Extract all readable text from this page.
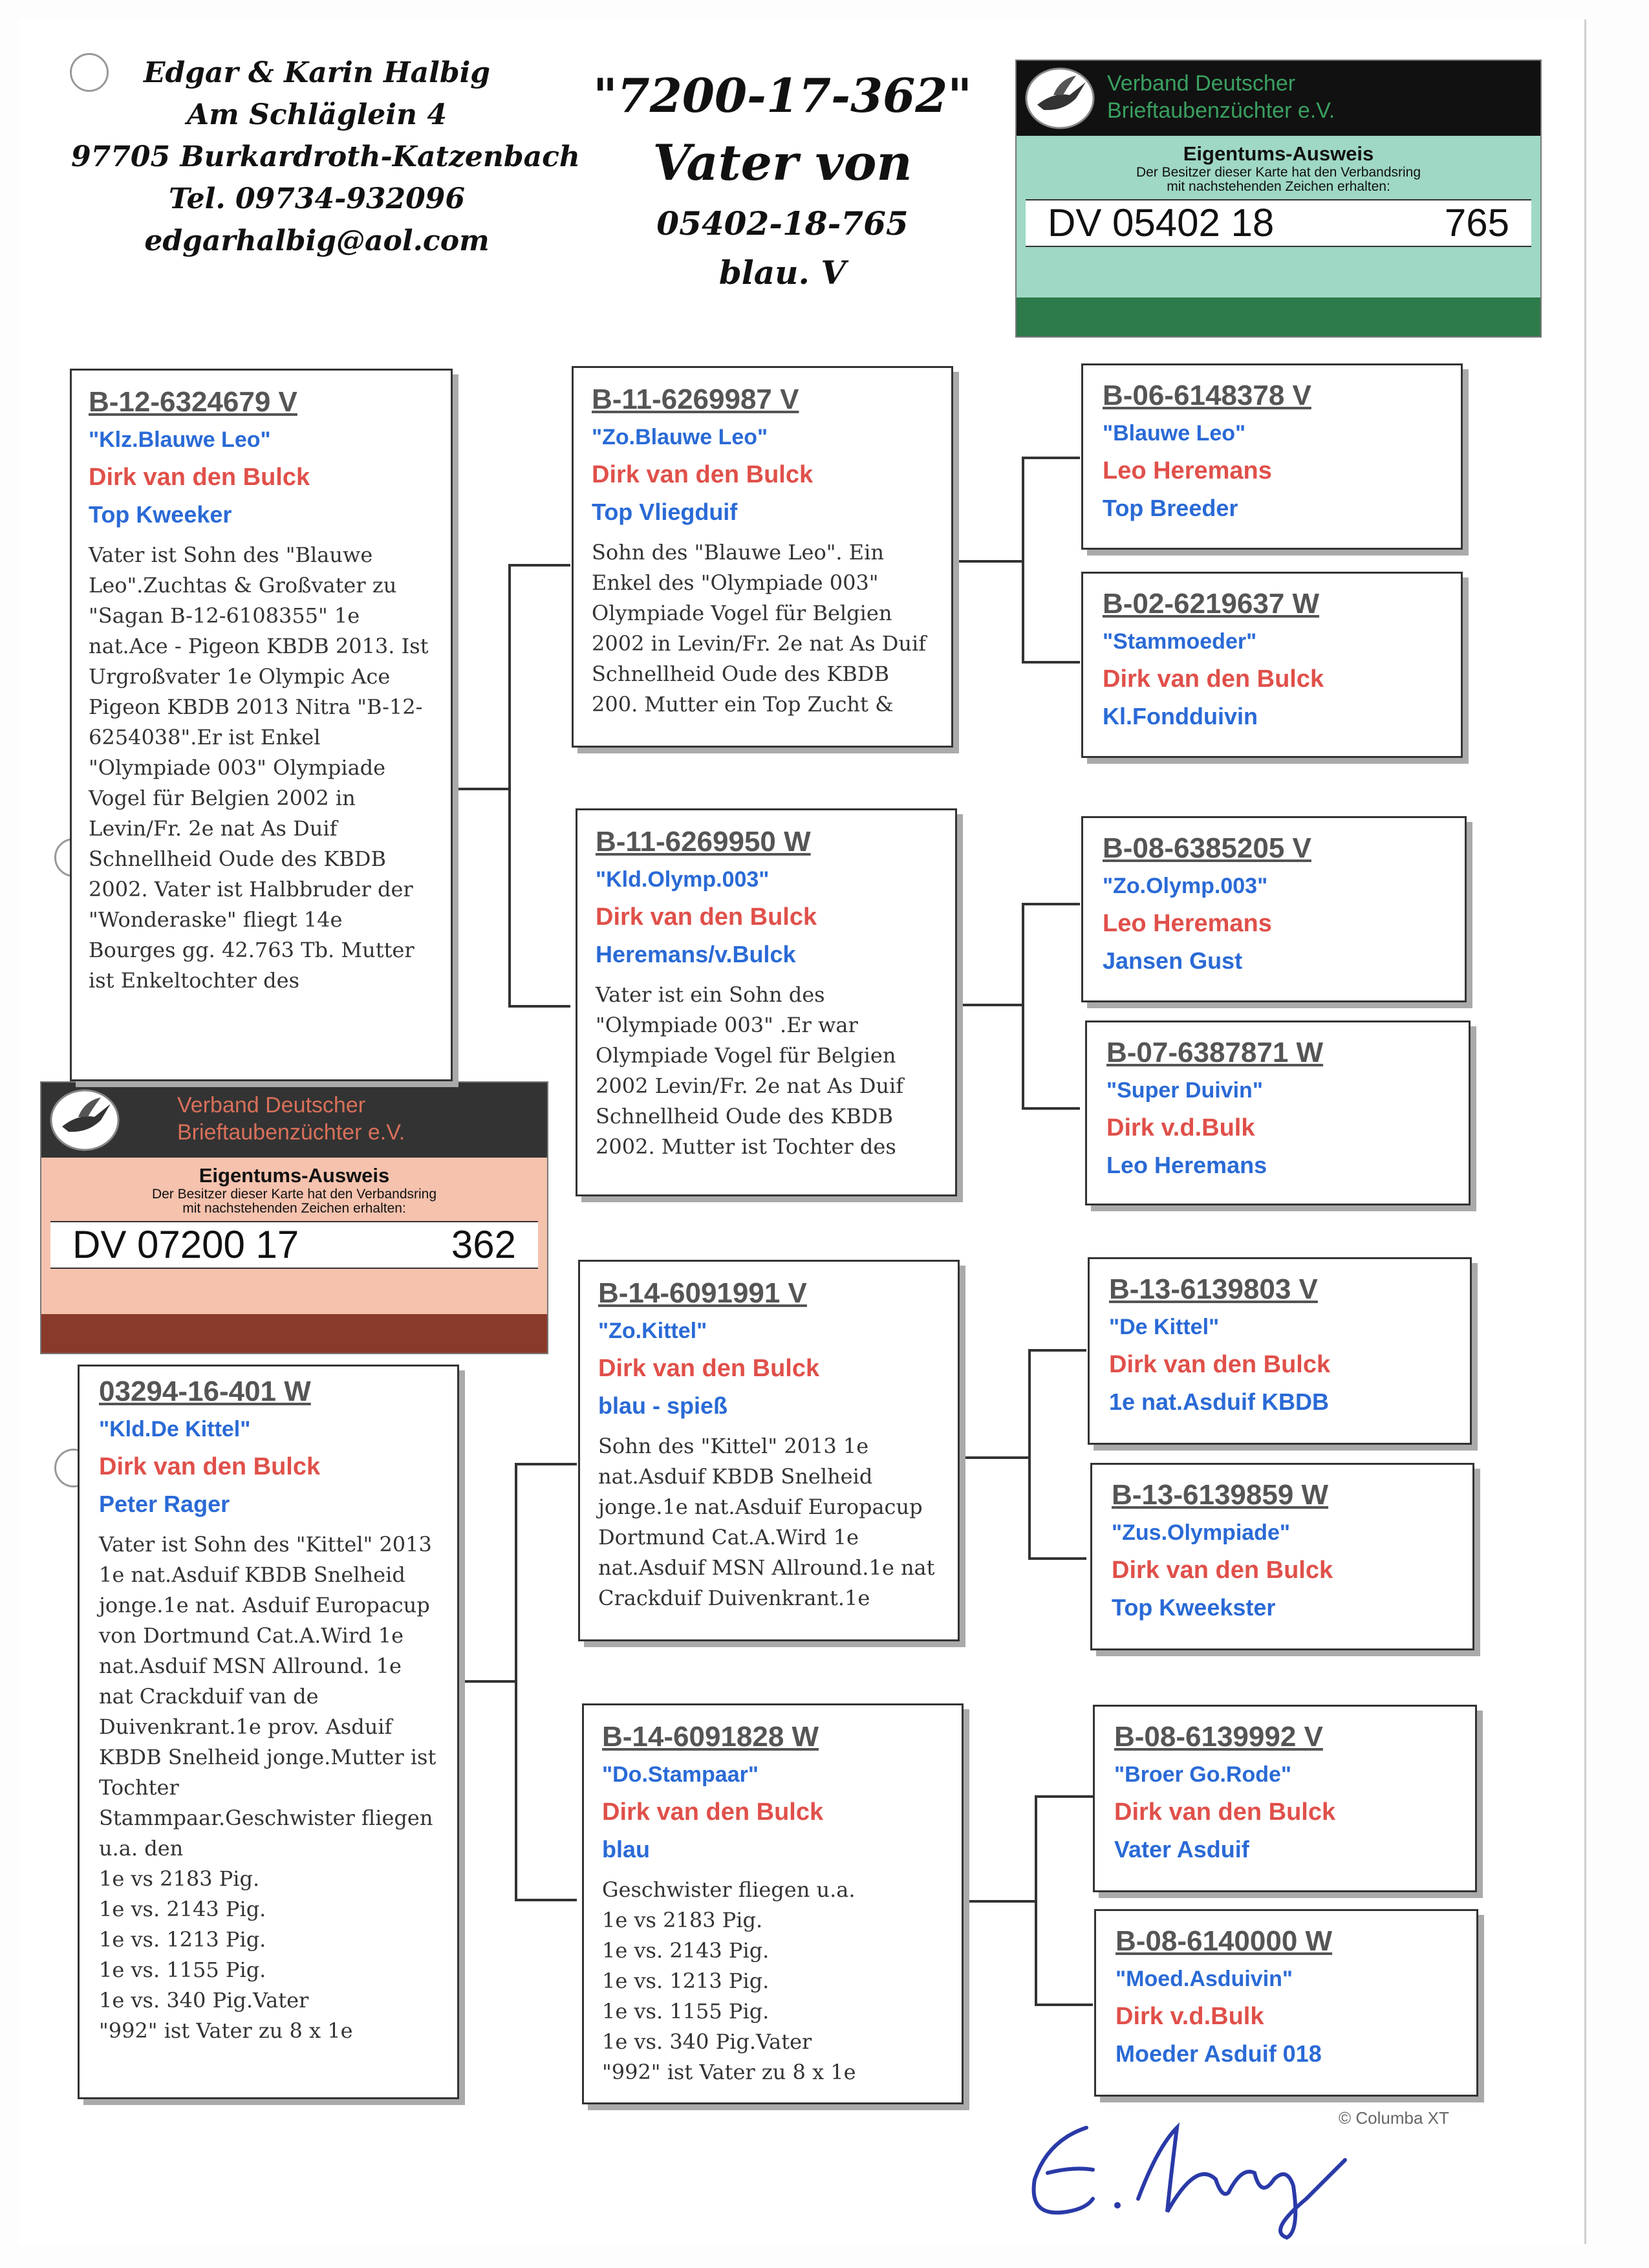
Edgar & Karin Halbig
Am Schläglein 4
97705 Burkardroth-Katzenbach
Tel. 09734-932096
edgarhalbig@aol.com
"7200-17-362"
Vater von
05402-18-765
blau. V
Verband Deutscher
Brieftaubenzüchter e.V.
Eigentums-Ausweis
Der Besitzer dieser Karte hat den Verbandsring
mit nachstehenden Zeichen erhalten:
DV 05402 18	765
Verband Deutscher
Brieftaubenzüchter e.V.
Eigentums-Ausweis
Der Besitzer dieser Karte hat den Verbandsring
mit nachstehenden Zeichen erhalten:
DV 07200 17	362
B-12-6324679 V
"Klz.Blauwe Leo"
Dirk van den Bulck
Top Kweeker
Vater ist Sohn des "Blauwe Leo".Zuchtas & Großvater zu "Sagan B-12-6108355" 1e nat.Ace - Pigeon KBDB 2013. Ist Urgroßvater 1e Olympic Ace Pigeon KBDB 2013 Nitra "B-12-6254038".Er ist Enkel "Olympiade 003" Olympiade Vogel für Belgien 2002 in Levin/Fr. 2e nat As Duif Schnellheid Oude des KBDB 2002. Vater ist Halbbruder der "Wonderaske" fliegt 14e Bourges gg. 42.763 Tb. Mutter ist Enkeltochter des
03294-16-401 W
"Kld.De Kittel"
Dirk van den Bulck
Peter Rager
Vater ist Sohn des "Kittel" 2013 1e nat.Asduif KBDB Snelheid jonge.1e nat. Asduif Europacup von Dortmund Cat.A.Wird 1e nat.Asduif MSN Allround. 1e nat Crackduif van de Duivenkrant.1e prov. Asduif KBDB Snelheid jonge.Mutter ist Tochter Stammpaar.Geschwister fliegen u.a. den
1e vs 2183 Pig.
1e vs. 2143 Pig.
1e vs. 1213 Pig.
1e vs. 1155 Pig.
1e vs. 340 Pig.Vater
"992" ist Vater zu 8 x 1e
B-11-6269987 V
"Zo.Blauwe Leo"
Dirk van den Bulck
Top Vliegduif
Sohn des "Blauwe Leo". Ein Enkel des "Olympiade 003" Olympiade Vogel für Belgien 2002 in Levin/Fr. 2e nat As Duif Schnellheid Oude des KBDB 200. Mutter ein Top Zucht &
B-11-6269950 W
"Kld.Olymp.003"
Dirk van den Bulck
Heremans/v.Bulck
Vater ist ein Sohn des "Olympiade 003" .Er war Olympiade Vogel für Belgien 2002 Levin/Fr. 2e nat As Duif Schnellheid Oude des KBDB 2002. Mutter ist Tochter des
B-14-6091991 V
"Zo.Kittel"
Dirk van den Bulck
blau - spieß
Sohn des "Kittel" 2013 1e nat.Asduif KBDB Snelheid jonge.1e nat.Asduif Europacup Dortmund Cat.A.Wird 1e nat.Asduif MSN Allround.1e nat Crackduif Duivenkrant.1e
B-14-6091828 W
"Do.Stampaar"
Dirk van den Bulck
blau
Geschwister fliegen u.a.
1e vs 2183 Pig.
1e vs. 2143 Pig.
1e vs. 1213 Pig.
1e vs. 1155 Pig.
1e vs. 340 Pig.Vater
"992" ist Vater zu 8 x 1e
B-06-6148378 V
"Blauwe Leo"
Leo Heremans
Top Breeder
B-02-6219637 W
"Stammoeder"
Dirk van den Bulck
Kl.Fondduivin
B-08-6385205 V
"Zo.Olymp.003"
Leo Heremans
Jansen Gust
B-07-6387871 W
"Super Duivin"
Dirk v.d.Bulk
Leo Heremans
B-13-6139803 V
"De Kittel"
Dirk van den Bulck
1e nat.Asduif KBDB
B-13-6139859 W
"Zus.Olympiade"
Dirk van den Bulck
Top Kweekster
B-08-6139992 V
"Broer Go.Rode"
Dirk van den Bulck
Vater Asduif
B-08-6140000 W
"Moed.Asduivin"
Dirk v.d.Bulk
Moeder Asduif 018
© Columba XT
